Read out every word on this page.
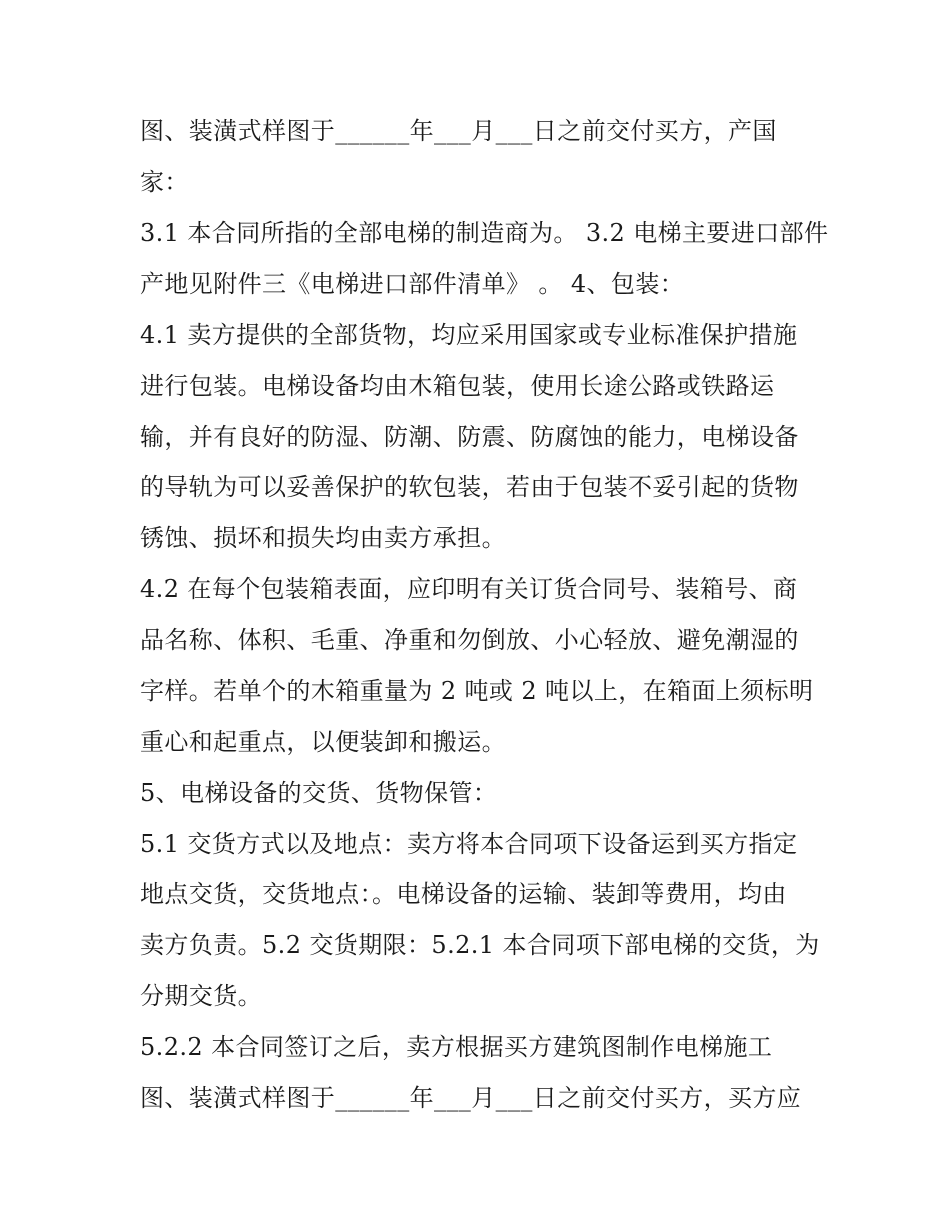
图、装潢式样图于______年___月___日之前交付买方，产国
家：
3.1 本合同所指的全部电梯的制造商为。 3.2 电梯主要进口部件
产地见附件三《电梯进口部件清单》 。 4、包装：
4.1 卖方提供的全部货物，均应采用国家或专业标准保护措施
进行包装。电梯设备均由木箱包装，使用长途公路或铁路运
输，并有良好的防湿、防潮、防震、防腐蚀的能力，电梯设备
的导轨为可以妥善保护的软包装，若由于包装不妥引起的货物
锈蚀、损坏和损失均由卖方承担。
4.2 在每个包装箱表面，应印明有关订货合同号、装箱号、商
品名称、体积、毛重、净重和勿倒放、小心轻放、避免潮湿的
字样。若单个的木箱重量为 2 吨或 2 吨以上，在箱面上须标明
重心和起重点，以便装卸和搬运。
5、电梯设备的交货、货物保管：
5.1 交货方式以及地点：卖方将本合同项下设备运到买方指定
地点交货，交货地点：。电梯设备的运输、装卸等费用，均由
卖方负责。5.2 交货期限：5.2.1 本合同项下部电梯的交货，为
分期交货。
5.2.2 本合同签订之后，卖方根据买方建筑图制作电梯施工
图、装潢式样图于______年___月___日之前交付买方，买方应
